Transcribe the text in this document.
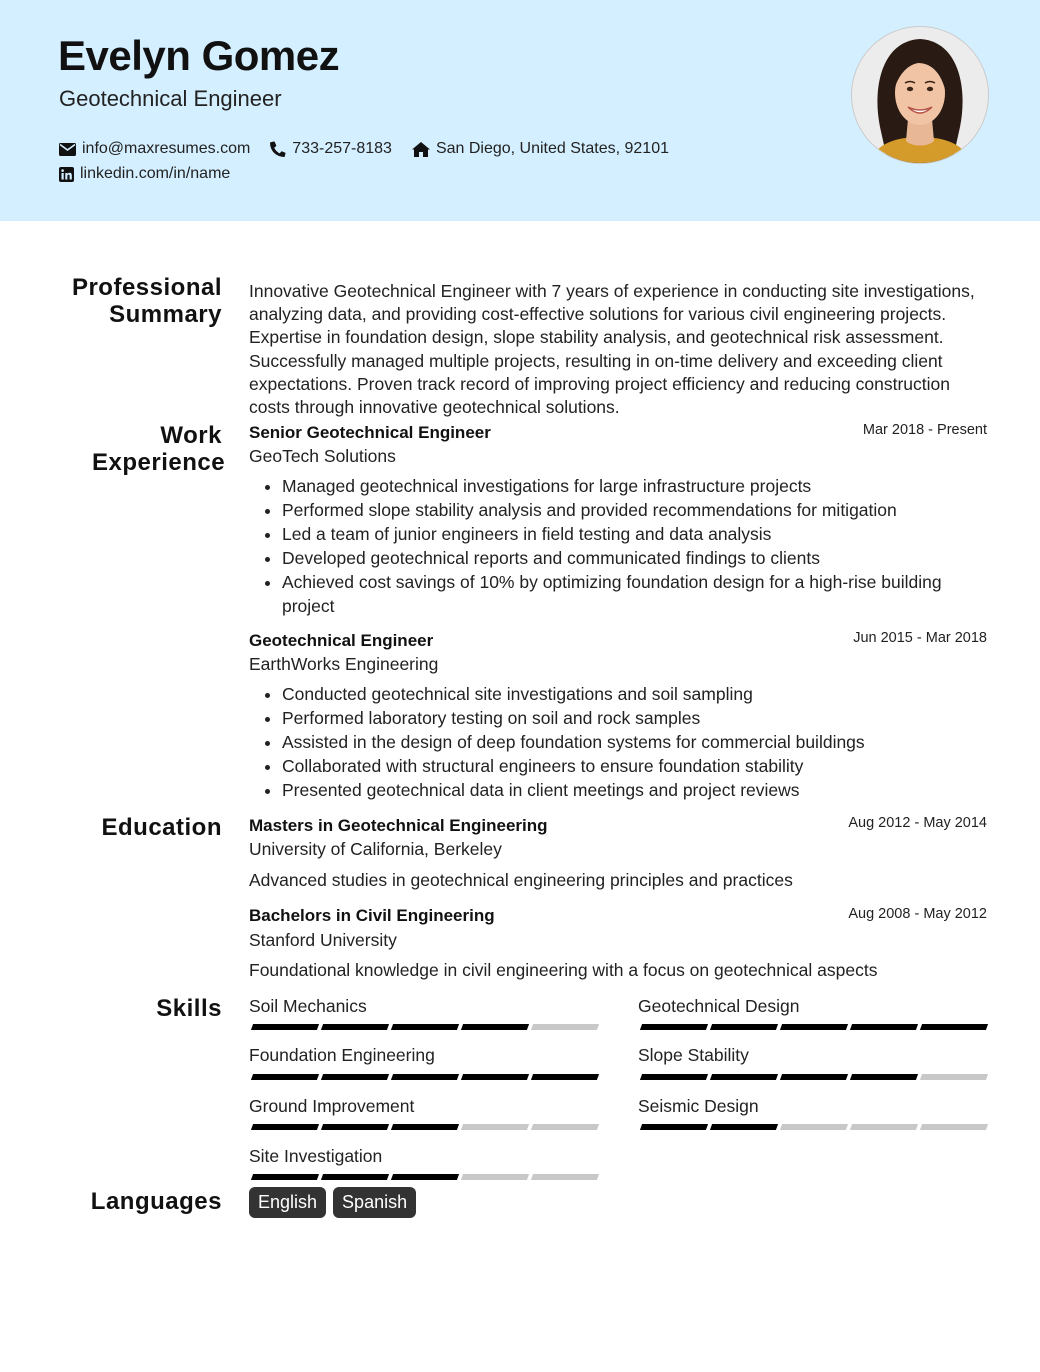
Evelyn Gomez
Geotechnical Engineer
info@maxresumes.com	733-257-8183	San Diego, United States, 92101
linkedin.com/in/name
Professional Summary
Innovative Geotechnical Engineer with 7 years of experience in conducting site investigations, analyzing data, and providing cost-effective solutions for various civil engineering projects. Expertise in foundation design, slope stability analysis, and geotechnical risk assessment. Successfully managed multiple projects, resulting in on-time delivery and exceeding client expectations. Proven track record of improving project efficiency and reducing construction costs through innovative geotechnical solutions.
Work Experience
Senior Geotechnical Engineer	Mar 2018 - Present
GeoTech Solutions
• Managed geotechnical investigations for large infrastructure projects
• Performed slope stability analysis and provided recommendations for mitigation
• Led a team of junior engineers in field testing and data analysis
• Developed geotechnical reports and communicated findings to clients
• Achieved cost savings of 10% by optimizing foundation design for a high-rise building project
Geotechnical Engineer	Jun 2015 - Mar 2018
EarthWorks Engineering
• Conducted geotechnical site investigations and soil sampling
• Performed laboratory testing on soil and rock samples
• Assisted in the design of deep foundation systems for commercial buildings
• Collaborated with structural engineers to ensure foundation stability
• Presented geotechnical data in client meetings and project reviews
Education Masters in Geotechnical Engineering	Aug 2012 - May 2014
University of California, Berkeley
Advanced studies in geotechnical engineering principles and practices
Bachelors in Civil Engineering	Aug 2008 - May 2012
Stanford University
Foundational knowledge in civil engineering with a focus on geotechnical aspects
Skills Soil Mechanics	Geotechnical Design
Foundation Engineering	Slope Stability
Ground Improvement	Seismic Design
Site Investigation
Languages	English	Spanish
